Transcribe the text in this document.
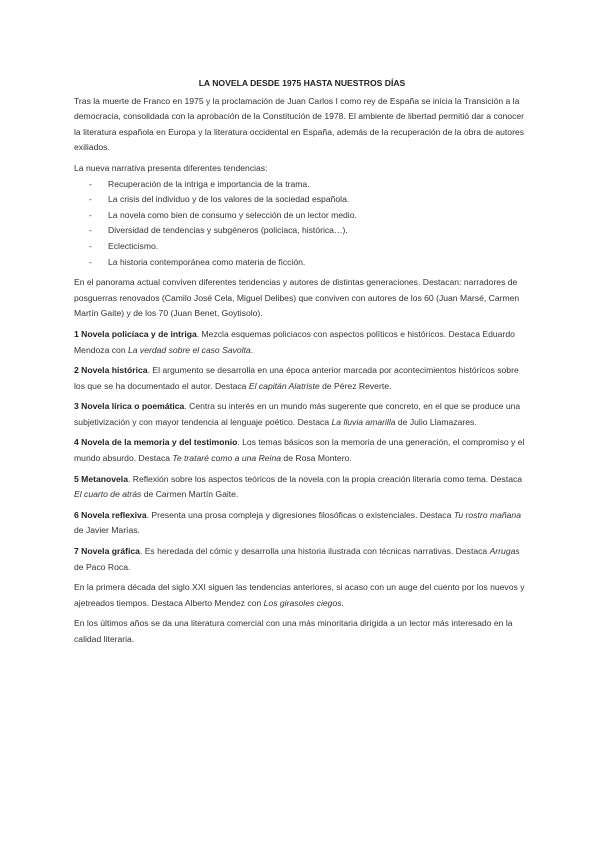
LA NOVELA DESDE 1975 HASTA NUESTROS DÍAS

Tras la muerte de Franco en 1975 y la proclamación de Juan Carlos I como rey de España se inicia la Transición a la democracia, consolidada con la aprobación de la Constitución de 1978. El ambiente de libertad permitió dar a conocer la literatura española en Europa y la literatura occidental en España, además de la recuperación de la obra de autores exiliados.

La nueva narrativa presenta diferentes tendencias:

- Recuperación de la intriga e importancia de la trama.
- La crisis del individuo y de los valores de la sociedad española.
- La novela como bien de consumo y selección de un lector medio.
- Diversidad de tendencias y subgéneros (policiaca, histórica…).
- Eclecticismo.
- La historia contemporánea como materia de ficción.

En el panorama actual conviven diferentes tendencias y autores de distintas generaciones. Destacan: narradores de posguerras renovados (Camilo José Cela, Miguel Delibes) que conviven con autores de los 60 (Juan Marsé, Carmen Martín Gaite) y de los 70 (Juan Benet, Goytisolo).

1 Novela policíaca y de intriga. Mezcla esquemas policiacos con aspectos políticos e históricos. Destaca Eduardo Mendoza con La verdad sobre el caso Savolta.

2 Novela histórica. El argumento se desarrolla en una época anterior marcada por acontecimientos históricos sobre los que se ha documentado el autor. Destaca El capitán Alatriste de Pérez Reverte.

3 Novela lírica o poemática. Centra su interés en un mundo más sugerente que concreto, en el que se produce una subjetivización y con mayor tendencia al lenguaje poético. Destaca La lluvia amarilla de Julio Llamazares.

4 Novela de la memoria y del testimonio. Los temas básicos son la memoria de una generación, el compromiso y el mundo absurdo. Destaca Te trataré como a una Reina de Rosa Montero.

5 Metanovela. Reflexión sobre los aspectos teóricos de la novela con la propia creación literaria como tema. Destaca El cuarto de atrás de Carmen Martín Gaite.

6 Novela reflexiva. Presenta una prosa compleja y digresiones filosóficas o existenciales. Destaca Tu rostro mañana de Javier Marías.

7 Novela gráfica. Es heredada del cómic y desarrolla una historia ilustrada con técnicas narrativas. Destaca Arrugas de Paco Roca.

En la primera década del siglo XXI siguen las tendencias anteriores, si acaso con un auge del cuento por los nuevos y ajetreados tiempos. Destaca Alberto Mendez con Los girasoles ciegos.

En los últimos años se da una literatura comercial con una más minoritaria dirigida a un lector más interesado en la calidad literaria.
